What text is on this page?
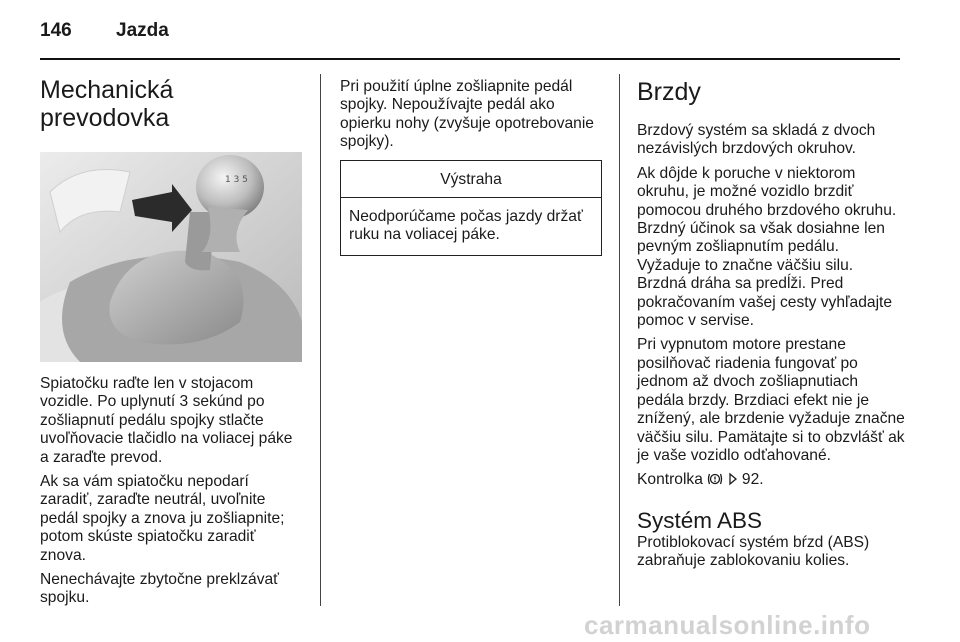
146 Jazda
Mechanická
prevodovka
1 3 5

Spiatočku raďte len v stojacom vozidle. Po uplynutí 3 sekúnd po zošliapnutí pedálu spojky stlačte uvoľňovacie tlačidlo na voliacej páke a zaraďte prevod.

Ak sa vám spiatočku nepodarí zaradiť, zaraďte neutrál, uvoľnite pedál spojky a znova ju zošliapnite; potom skúste spiatočku zaradiť znova.

Nenechávajte zbytočne preklzávať spojku.

Pri použití úplne zošliapnite pedál spojky. Nepoužívajte pedál ako opierku nohy (zvyšuje opotrebovanie spojky).

Výstraha
Neodporúčame počas jazdy držať ruku na voliacej páke.
Brzdy

Brzdový systém sa skladá z dvoch nezávislých brzdových okruhov.

Ak dôjde k poruche v niektorom okruhu, je možné vozidlo brzdiť pomocou druhého brzdového okruhu. Brzdný účinok sa však dosiahne len pevným zošliapnutím pedálu. Vyžaduje to značne väčšiu silu. Brzdná dráha sa predĺži. Pred pokračovaním vašej cesty vyhľadajte pomoc v servise.

Pri vypnutom motore prestane posilňovač riadenia fungovať po jednom až dvoch zošliapnutiach pedála brzdy. Brzdiaci efekt nie je znížený, ale brzdenie vyžaduje značne väčšiu silu. Pamätajte si to obzvlášť ak je vaše vozidlo odťahované.

Kontrolka	92.

Systém ABS

Protiblokovací systém bŕzd (ABS) zabraňuje zablokovaniu kolies.

carmanualsonline.info
